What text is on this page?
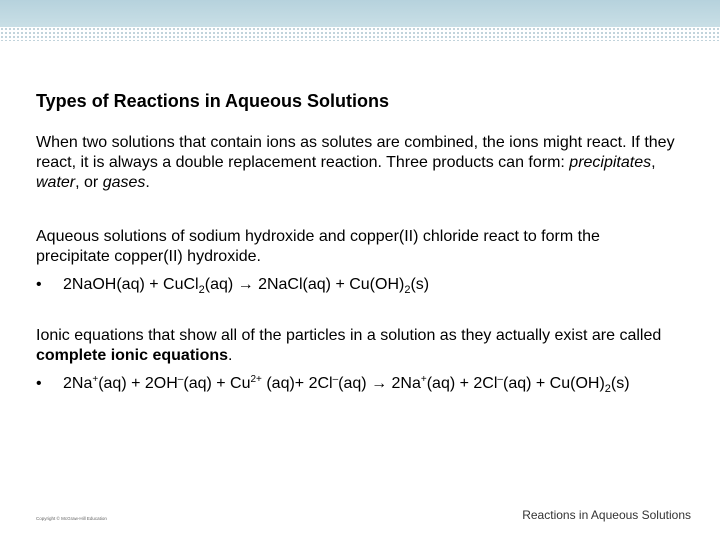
Types of Reactions in Aqueous Solutions
When two solutions that contain ions as solutes are combined, the ions might react. If they react, it is always a double replacement reaction. Three products can form: precipitates, water, or gases.
Aqueous solutions of sodium hydroxide and copper(II) chloride react to form the precipitate copper(II) hydroxide.
• 2NaOH(aq) + CuCl$_2$(aq) → 2NaCl(aq) + $Cu(OH)_2(s)$
Ionic equations that show all of the particles in a solution as they actually exist are called complete ionic equations.
• $2Na^+(aq) + 2OH^-(aq) + Cu^{2+}$ $(aq)+ 2Cl^-(aq) \to 2Na^+(aq) + 2Cl^-(aq) + Cu(OH)_2(s)$
Copyright © McGraw-Hill Education	Reactions in Aqueous Solutions
